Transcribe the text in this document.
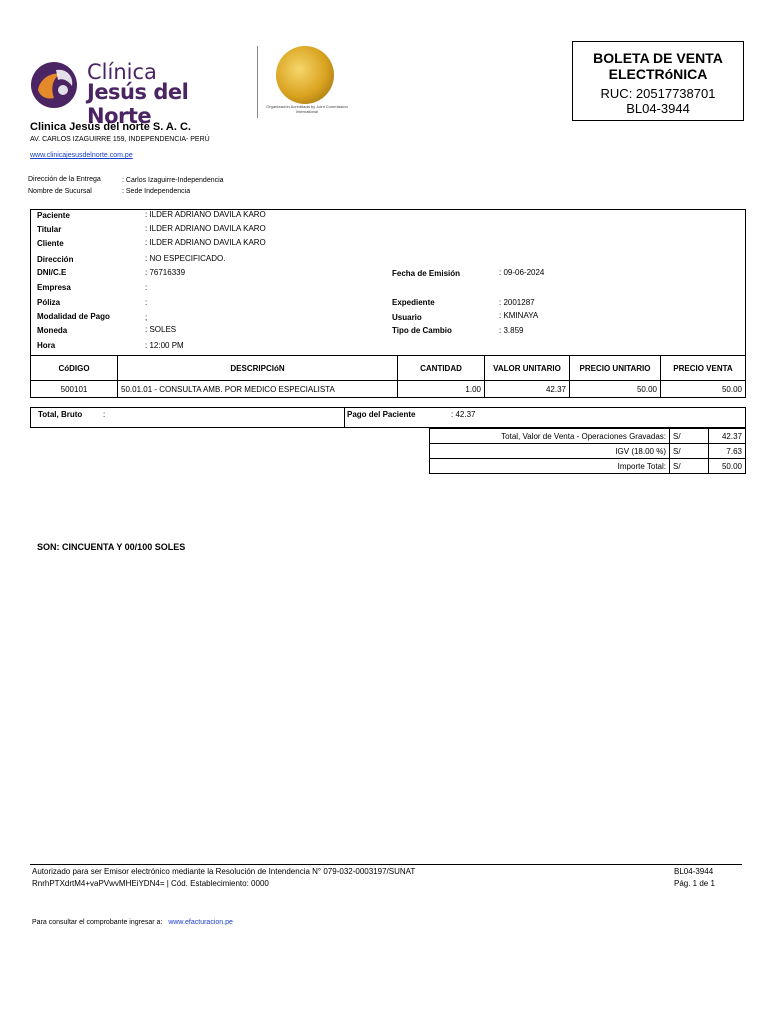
Clínica
Jesús del Norte	Organización Acreditada by Joint Commission International
BOLETA DE VENTA ELECTRóNICA
RUC: 20517738701
BL04-3944
Clinica Jesús del norte S. A. C.
AV. CARLOS IZAGUIRRE 159, INDEPENDENCIA- PERÚ
www.clinicajesusdelnorte.com.pe
Dirección de la Entrega	: Carlos Izaguirre-Independencia
Nombre de Sucursal	: Sede Independencia
Paciente	: ILDER ADRIANO DAVILA KARO
Titular	: ILDER ADRIANO DAVILA KARO
Cliente	: ILDER ADRIANO DAVILA KARO
Dirección	: NO ESPECIFICADO.
DNI/C.E	: 76716339	Fecha de Emisión	: 09-06-2024
Empresa	:
Póliza	:	Expediente	: 2001287
Modalidad de Pago	;	Usuario	: KMINAYA
Moneda	: SOLES	Tipo de Cambio	: 3.859
Hora	: 12:00 PM
CóDIGO	DESCRIPCIóN	CANTIDAD	VALOR UNITARIO	PRECIO UNITARIO	PRECIO VENTA
500101	50.01.01 - CONSULTA AMB. POR MEDICO ESPECIALISTA	1.00	42.37	50.00	50.00
Total, Bruto	:	Pago del Paciente	: 42.37
Total, Valor de Venta - Operaciones Gravadas:	S/	42.37
IGV (18.00 %)	S/	7.63
Importe Total:	S/	50.00
SON: CINCUENTA Y 00/100 SOLES
Autorizado para ser Emisor electrónico mediante la Resolución de Intendencia N° 079-032-0003197/SUNAT
RnrhPTXdrtM4+vaPVwvMHEiYDN4= | Cód. Establecimiento: 0000
BL04-3944
Pág. 1 de 1
Para consultar el comprobante ingresar a: www.efacturacion.pe
